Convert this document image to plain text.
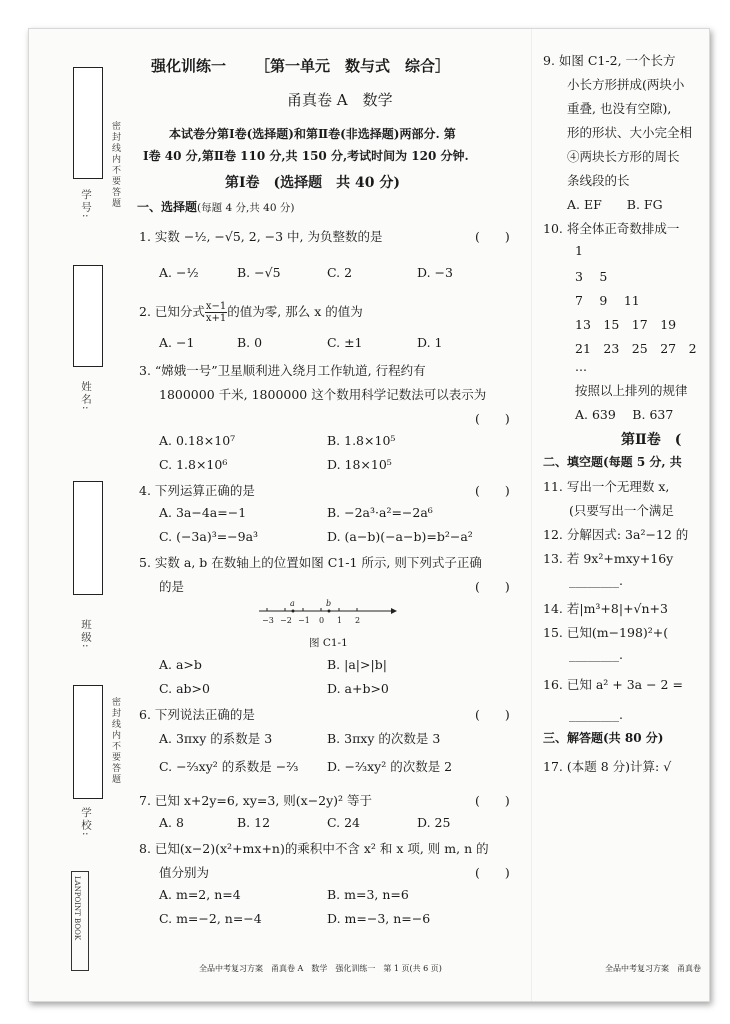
学号: 密封线内不要答题
姓名:
班级:
学校:
密封线内不要答题
LANPOINT BOOK
强化训练一 ［第一单元　数与式　综合］
甬真卷 A　数学
本试卷分第Ⅰ卷(选择题)和第Ⅱ卷(非选择题)两部分. 第
Ⅰ卷 40 分,第Ⅱ卷 110 分,共 150 分,考试时间为 120 分钟.
第Ⅰ卷　(选择题　共 40 分)
一、选择题(每题 4 分,共 40 分)
1. 实数 −½, −√5, 2, −3 中, 为负整数的是	(　　)
A. −½	B. −√5	C. 2	D. −3
2. 已知分式 $\frac{x-1}{x+1}$ 的值为零, 那么 x 的值为
A. −1	B. 0	C. ±1	D. 1
3. “嫦娥一号”卫星顺利进入绕月工作轨道, 行程约有
1800000 千米, 1800000 这个数用科学记数法可以表示为
(　　)
A. 0.18×10⁷	B. 1.8×10⁵
C. 1.8×10⁶	D. 18×10⁵
4. 下列运算正确的是	(　　)
A. 3a−4a=−1	B. −2a³·a²=−2a⁶
C. (−3a)³=−9a³	D. (a−b)(−a−b)=b²−a²
5. 实数 a, b 在数轴上的位置如图 C1-1 所示, 则下列式子正确
的是	(　　)
−3 −2 −1 0 1 2
a	b
图 C1-1
A. a>b	B. |a|>|b|
C. ab>0	D. a+b>0
6. 下列说法正确的是	(　　)
A. 3πxy 的系数是 3	B. 3πxy 的次数是 3
C. −⅔xy² 的系数是 −⅔ D. −⅔xy² 的次数是 2
7. 已知 x+2y=6, xy=3, 则(x−2y)² 等于	(　　)
A. 8	B. 12	C. 24	D. 25
8. 已知(x−2)(x²+mx+n)的乘积中不含 x² 和 x 项, 则 m, n 的
值分别为	(　　)
A. m=2, n=4	B. m=3, n=6
C. m=−2, n=−4	D. m=−3, n=−6
全品中考复习方案　甬真卷 A　数学　强化训练一　第 1 页(共 6 页)	全品中考复习方案　甬真卷
9. 如图 C1-2, 一个长方
小长方形拼成(两块小
重叠, 也没有空隙),
形的形状、大小完全相
④两块长方形的周长
条线段的长
A. EF　　B. FG
10. 将全体正奇数排成一
1
3　 5
7　 9　 11
13　15　17　19
21　23　25　27　2
...
按照以上排列的规律
A. 639　 B. 637
第Ⅱ卷　(
二、填空题(每题 5 分, 共
11. 写出一个无理数 x,
(只要写出一个满足
12. 分解因式: 3a²−12 的
13. 若 9x²+mxy+16y
________.
14. 若|m³+8|+√n+3
15. 已知(m−198)²+(
________.
16. 已知 a² + 3a − 2 =
________.
三、解答题(共 80 分)
17. (本题 8 分)计算: √
